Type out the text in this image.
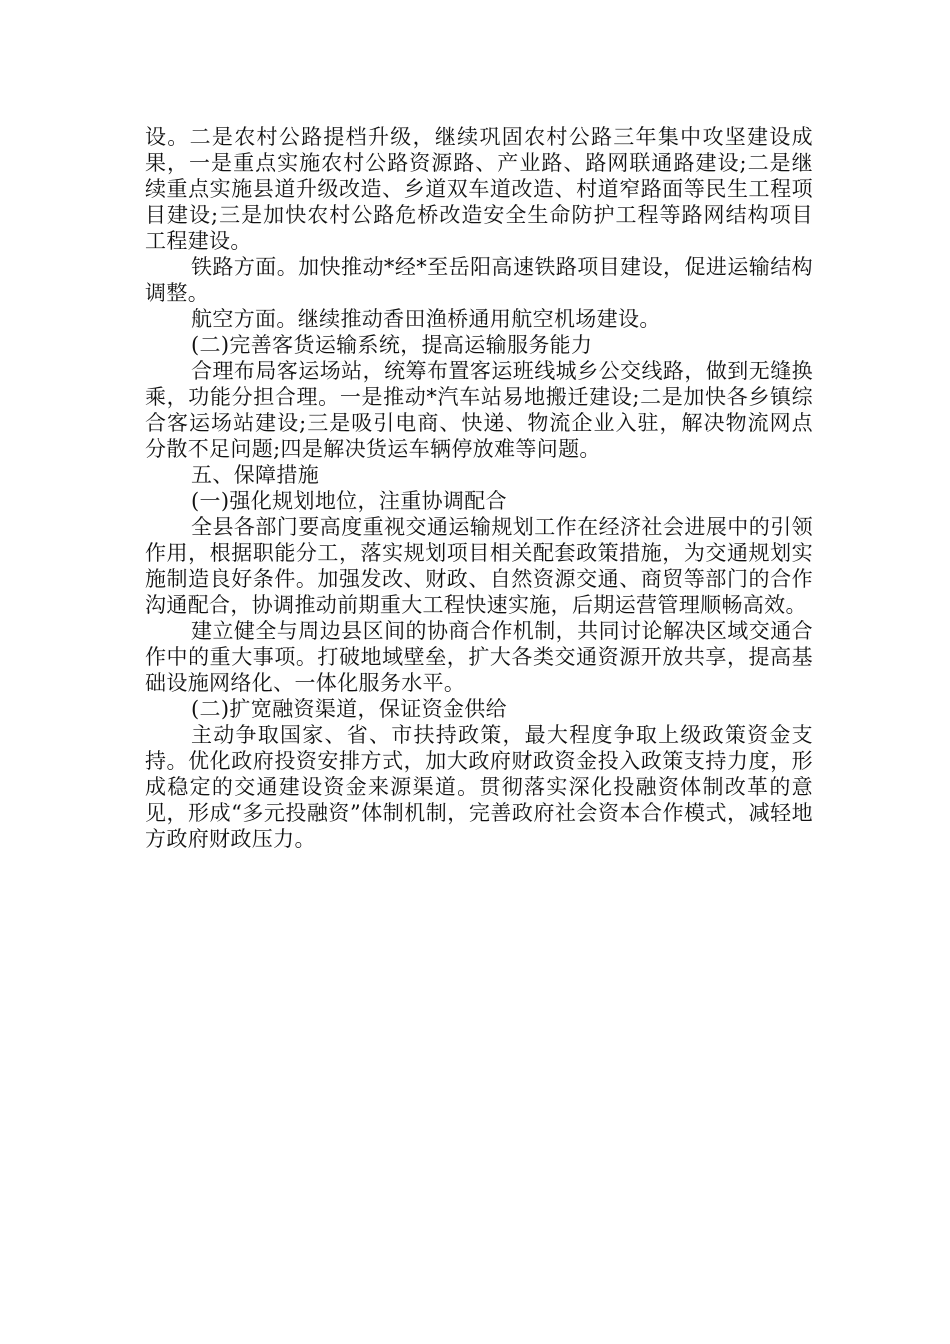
设。二是农村公路提档升级，继续巩固农村公路三年集中攻坚建设成果，一是重点实施农村公路资源路、产业路、路网联通路建设;二是继续重点实施县道升级改造、乡道双车道改造、村道窄路面等民生工程项目建设;三是加快农村公路危桥改造安全生命防护工程等路网结构项目工程建设。

铁路方面。加快推动*经*至岳阳高速铁路项目建设，促进运输结构调整。

航空方面。继续推动香田渔桥通用航空机场建设。

(二)完善客货运输系统，提高运输服务能力

合理布局客运场站，统筹布置客运班线城乡公交线路，做到无缝换乘，功能分担合理。一是推动*汽车站易地搬迁建设;二是加快各乡镇综合客运场站建设;三是吸引电商、快递、物流企业入驻，解决物流网点分散不足问题;四是解决货运车辆停放难等问题。

五、保障措施

(一)强化规划地位，注重协调配合

全县各部门要高度重视交通运输规划工作在经济社会进展中的引领作用，根据职能分工，落实规划项目相关配套政策措施，为交通规划实施制造良好条件。加强发改、财政、自然资源交通、商贸等部门的合作沟通配合，协调推动前期重大工程快速实施，后期运营管理顺畅高效。

建立健全与周边县区间的协商合作机制，共同讨论解决区域交通合作中的重大事项。打破地域壁垒，扩大各类交通资源开放共享，提高基础设施网络化、一体化服务水平。

(二)扩宽融资渠道，保证资金供给

主动争取国家、省、市扶持政策，最大程度争取上级政策资金支持。优化政府投资安排方式，加大政府财政资金投入政策支持力度，形成稳定的交通建设资金来源渠道。贯彻落实深化投融资体制改革的意见，形成“多元投融资”体制机制，完善政府社会资本合作模式，减轻地方政府财政压力。
